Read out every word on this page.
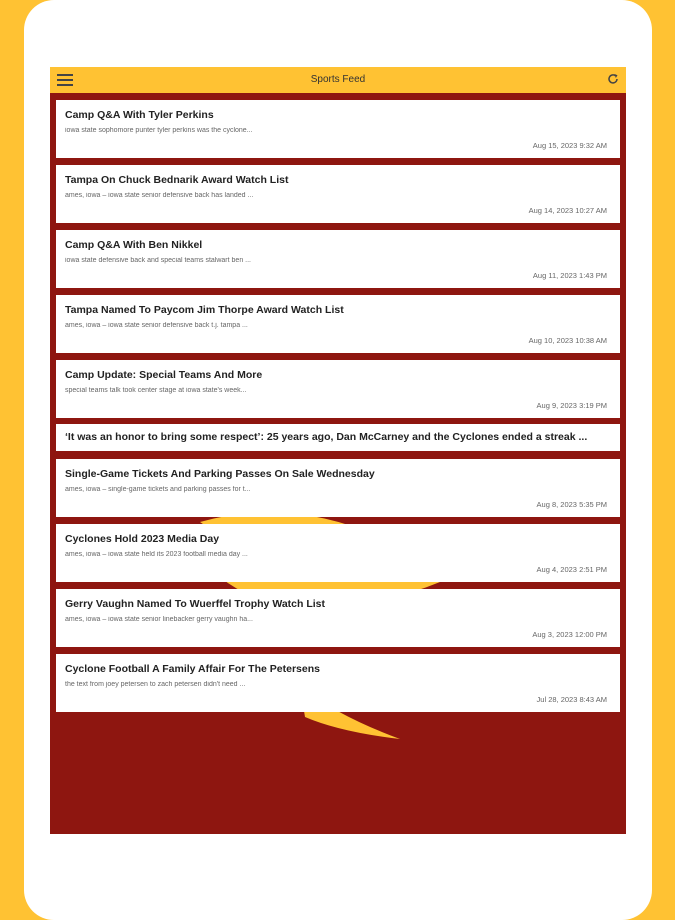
Sports Feed
Camp Q&A With Tyler Perkins
iowa state sophomore punter tyler perkins was the cyclone...
Aug 15, 2023 9:32 AM
Tampa On Chuck Bednarik Award Watch List
ames, iowa – iowa state senior defensive back has landed ...
Aug 14, 2023 10:27 AM
Camp Q&A With Ben Nikkel
iowa state defensive back and special teams stalwart ben ...
Aug 11, 2023 1:43 PM
Tampa Named To Paycom Jim Thorpe Award Watch List
ames, iowa – iowa state senior defensive back t.j. tampa ...
Aug 10, 2023 10:38 AM
Camp Update: Special Teams And More
special teams talk took center stage at iowa state's week...
Aug 9, 2023 3:19 PM
‘It was an honor to bring some respect’: 25 years ago, Dan McCarney and the Cyclones ended a streak ...
Single-Game Tickets And Parking Passes On Sale Wednesday
ames, iowa – single-game tickets and parking passes for t...
Aug 8, 2023 5:35 PM
Cyclones Hold 2023 Media Day
ames, iowa – iowa state held its 2023 football media day ...
Aug 4, 2023 2:51 PM
Gerry Vaughn Named To Wuerffel Trophy Watch List
ames, iowa – iowa state senior linebacker gerry vaughn ha...
Aug 3, 2023 12:00 PM
Cyclone Football A Family Affair For The Petersens
the text from joey petersen to zach petersen didn't need ...
Jul 28, 2023 8:43 AM
